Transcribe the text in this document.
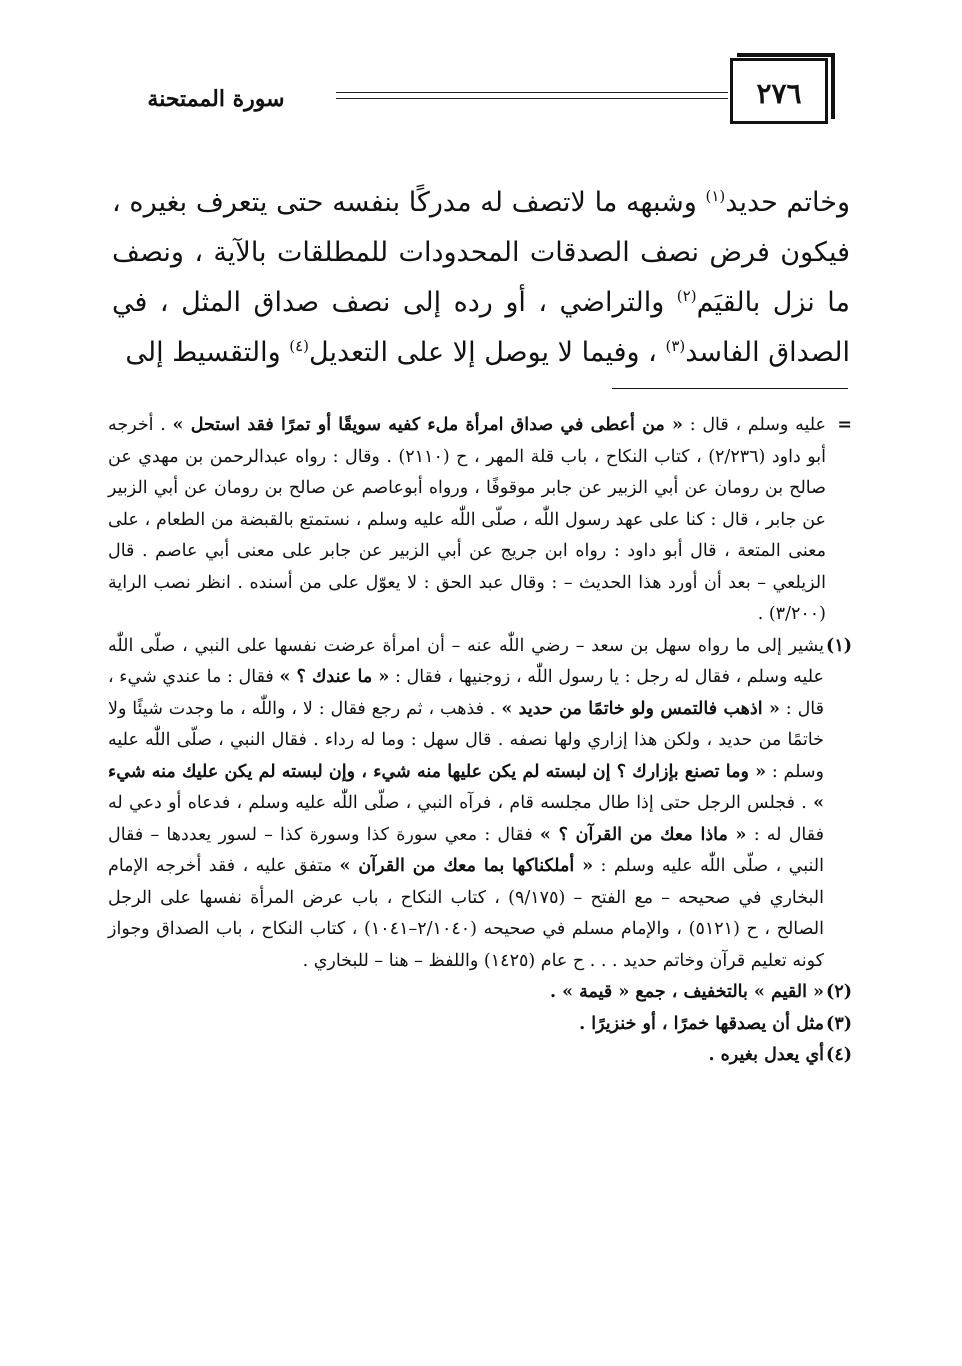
سورة الممتحنة	٢٧٦

وخاتم حديد$^{(١)}$ وشبهه ما لاتصف له مدركًا بنفسه حتى يتعرف بغيره ، فيكون فرض نصف الصدقات المحدودات للمطلقات بالآية ، ونصف ما نزل بالقيَم$^{(٢)}$ والتراضي ، أو رده إلى نصف صداق المثل ، في الصداق الفاسد$^{(٣)}$ ، وفيما لا يوصل إلا على التعديل$^{(٤)}$ والتقسيط إلى

=
عليه وسلم ، قال : « من أعطى في صداق امرأة ملء كفيه سويقًا أو تمرًا فقد استحل » . أخرجه أبو داود (٢/٢٣٦) ، كتاب النكاح ، باب قلة المهر ، ح (٢١١٠) . وقال : رواه عبدالرحمن بن مهدي عن صالح بن رومان عن أبي الزبير عن جابر موقوفًا ، ورواه أبوعاصم عن صالح بن رومان عن أبي الزبير عن جابر ، قال : كنا على عهد رسول اللّٰه ، صلّى اللّٰه عليه وسلم ، نستمتع بالقبضة من الطعام ، على معنى المتعة ، قال أبو داود : رواه ابن جريج عن أبي الزبير عن جابر على معنى أبي عاصم . قال الزيلعي – بعد أن أورد هذا الحديث – : وقال عبد الحق : لا يعوّل على من أسنده . انظر نصب الراية (٣/٢٠٠) .

(١)
يشير إلى ما رواه سهل بن سعد – رضي اللّٰه عنه – أن امرأة عرضت نفسها على النبي ، صلّى اللّٰه عليه وسلم ، فقال له رجل : يا رسول اللّٰه ، زوجنيها ، فقال : « ما عندك ؟ » فقال : ما عندي شيء ، قال : « اذهب فالتمس ولو خاتمًا من حديد » . فذهب ، ثم رجع فقال : لا ، واللّٰه ، ما وجدت شيئًا ولا خاتمًا من حديد ، ولكن هذا إزاري ولها نصفه . قال سهل : وما له رداء . فقال النبي ، صلّى اللّٰه عليه وسلم : « وما تصنع بإزارك ؟ إن لبسته لم يكن عليها منه شيء ، وإن لبسته لم يكن عليك منه شيء » . فجلس الرجل حتى إذا طال مجلسه قام ، فرآه النبي ، صلّى اللّٰه عليه وسلم ، فدعاه أو دعي له فقال له : « ماذا معك من القرآن ؟ » فقال : معي سورة كذا وسورة كذا – لسور يعددها – فقال النبي ، صلّى اللّٰه عليه وسلم : « أملكناكها بما معك من القرآن » متفق عليه ، فقد أخرجه الإمام البخاري في صحيحه – مع الفتح – (٩/١٧٥) ، كتاب النكاح ، باب عرض المرأة نفسها على الرجل الصالح ، ح (٥١٢١) ، والإمام مسلم في صحيحه (٢/١٠٤٠–١٠٤١) ، كتاب النكاح ، باب الصداق وجواز كونه تعليم قرآن وخاتم حديد . . . ح عام (١٤٢٥) واللفظ – هنا – للبخاري .

(٢)
« القيم » بالتخفيف ، جمع « قيمة » .

(٣)
مثل أن يصدقها خمرًا ، أو خنزيرًا .

(٤)
أي يعدل بغيره .
